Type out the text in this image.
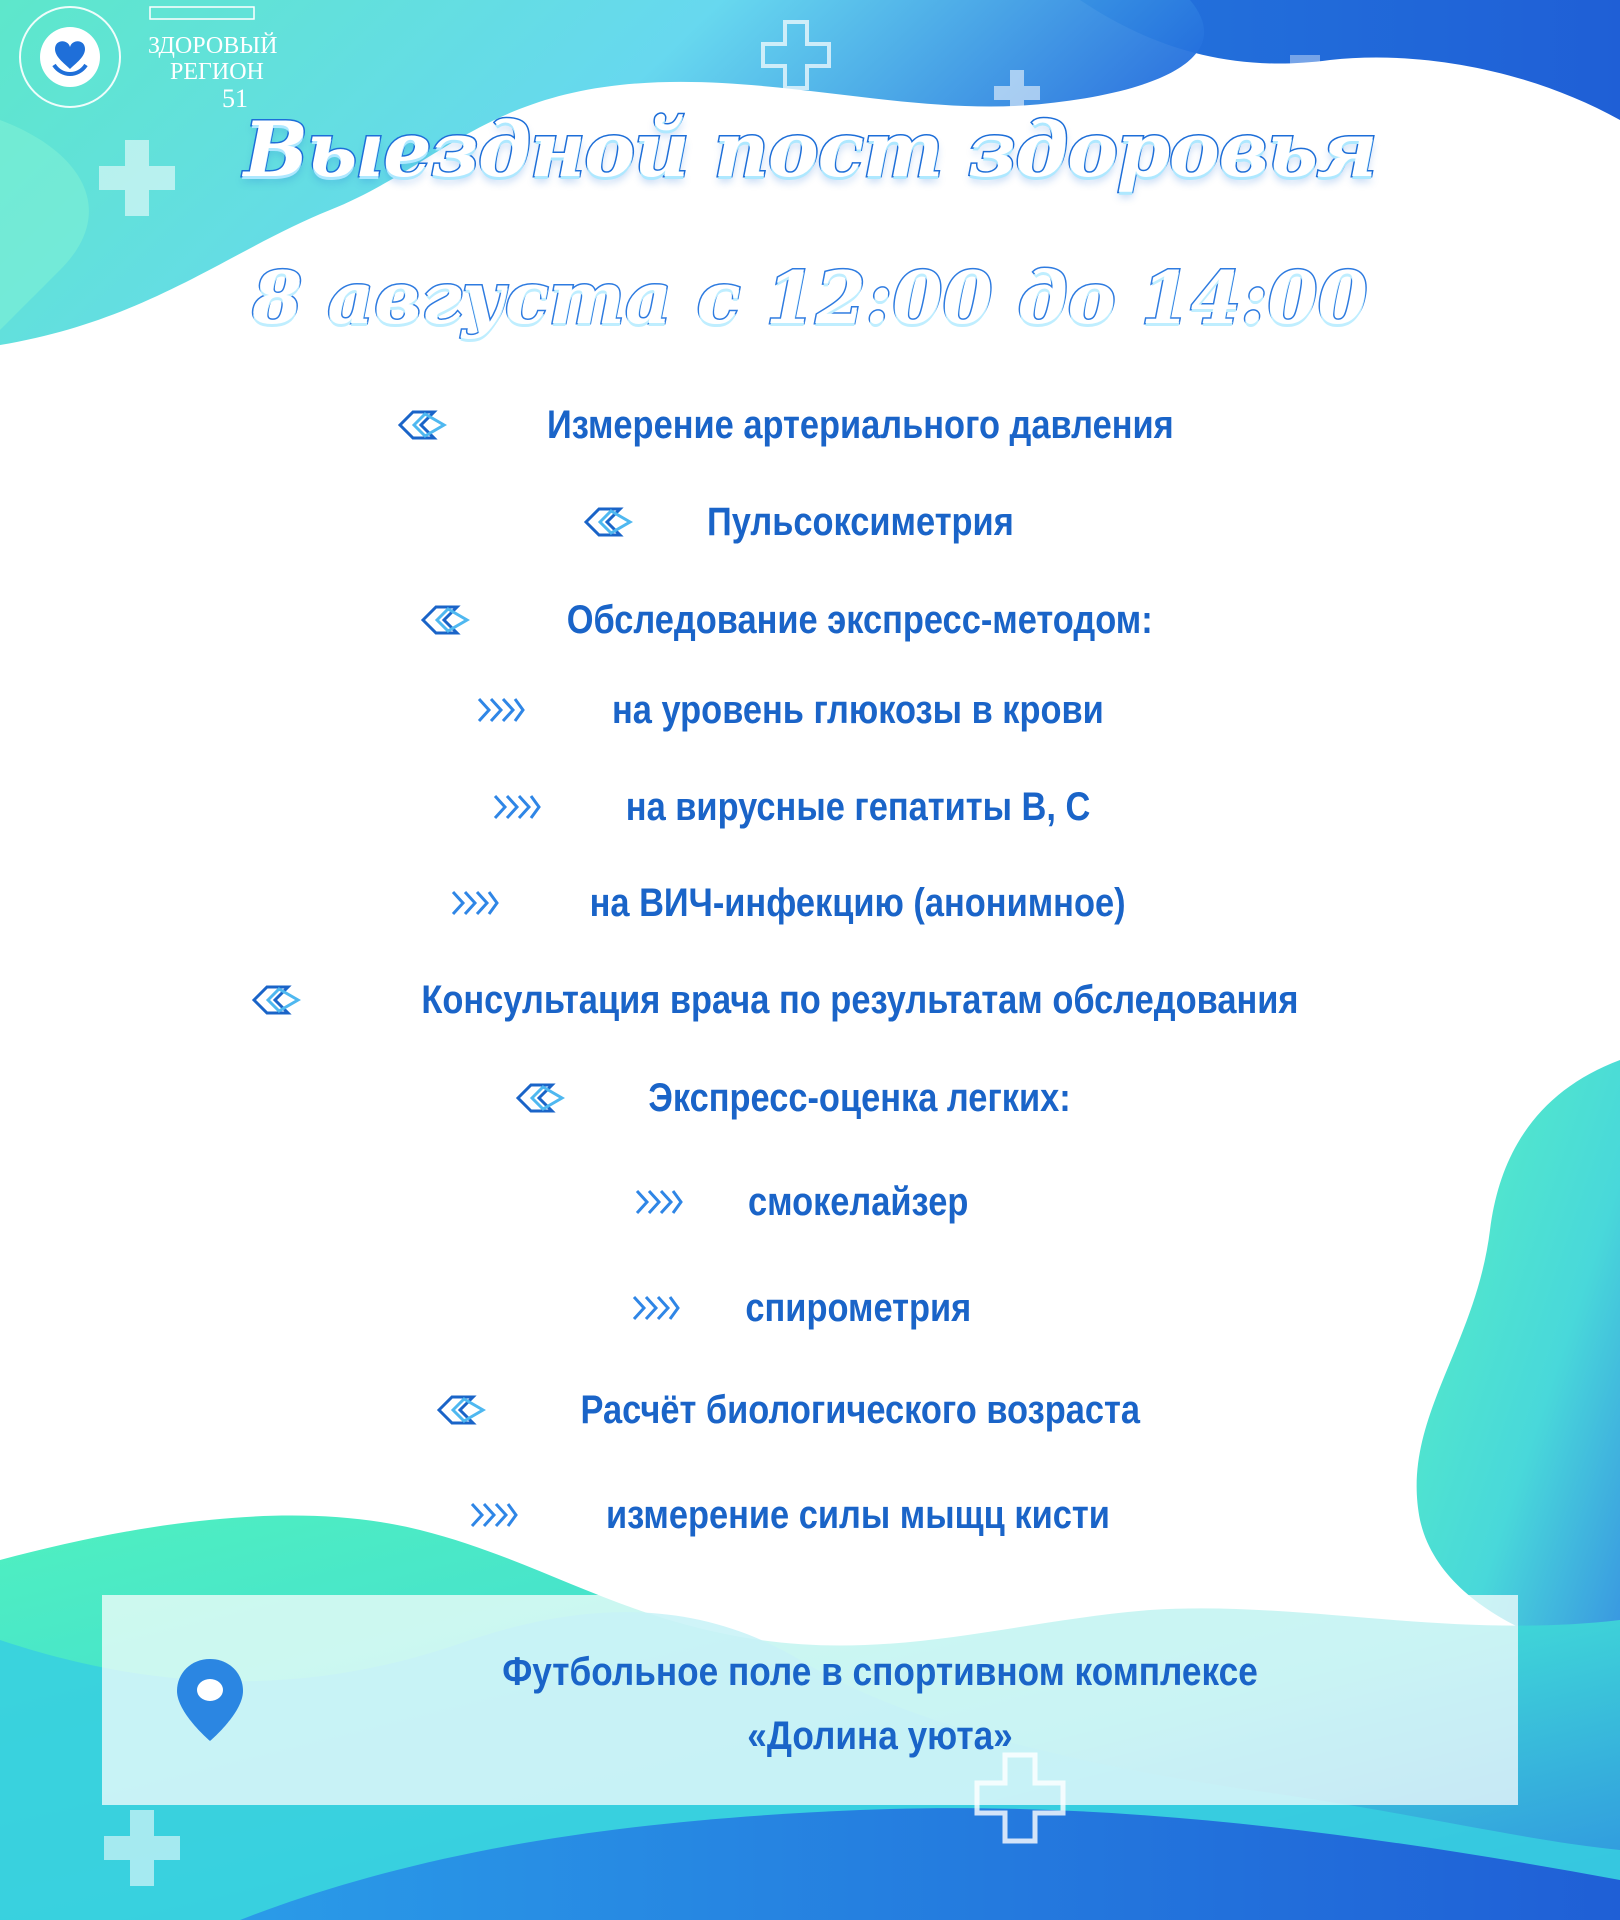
ЗДОРОВЫЙ
РЕГИОН
51
Выездной пост здоровья
8 августа с 12:00 до 14:00
Измерение артериального давления
Пульсоксиметрия
Обследование экспресс-методом:
на уровень глюкозы в крови
на вирусные гепатиты В, С
на ВИЧ-инфекцию (анонимное)
Консультация врача по результатам обследования
Экспресс-оценка легких:
смокелайзер
спирометрия
Расчёт биологического возраста
измерение силы мыщц кисти
Футбольное поле в спортивном комплексе
«Долина уюта»
